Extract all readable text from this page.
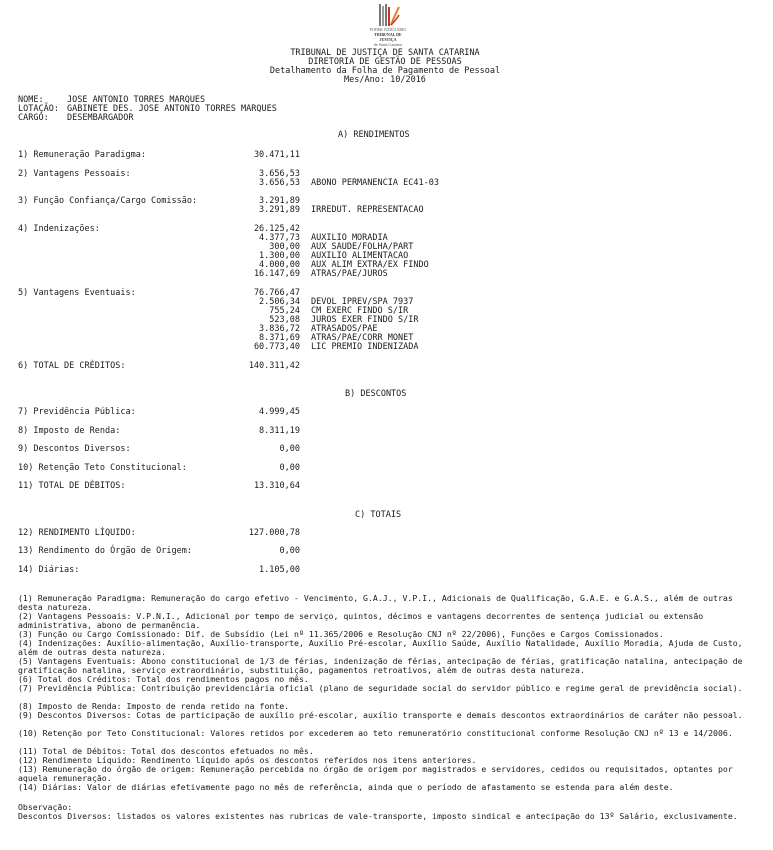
PODER JUDICIÁRIO
TRIBUNAL DE JUSTIÇA
de Santa Catarina
TRIBUNAL DE JUSTIÇA DE SANTA CATARINA
DIRETORIA DE GESTÃO DE PESSOAS
Detalhamento da Folha de Pagamento de Pessoal
Mes/Ano: 10/2016
NOME:	JOSE ANTONIO TORRES MARQUES
LOTAÇÃO: GABINETE DES. JOSE ANTONIO TORRES MARQUES
CARGO: DESEMBARGADOR
A) RENDIMENTOS
1) Remuneração Paradigma:	30.471,11
2) Vantagens Pessoais:	3.656,53
3.656,53 ABONO PERMANENCIA EC41-03
3) Função Confiança/Cargo Comissão:	3.291,89
3.291,89 IRREDUT. REPRESENTACAO
4) Indenizações:	26.125,42
4.377,73 AUXILIO MORADIA
300,00 AUX SAUDE/FOLHA/PART
1.300,00 AUXILIO ALIMENTACAO
4.000,00 AUX ALIM EXTRA/EX FINDO
16.147,69 ATRAS/PAE/JUROS
5) Vantagens Eventuais:	76.766,47
2.506,34 DEVOL IPREV/SPA 7937
755,24 CM EXERC FINDO S/IR
523,08 JUROS EXER FINDO S/IR
3.836,72 ATRASADOS/PAE
8.371,69 ATRAS/PAE/CORR MONET
60.773,40 LIC PREMIO INDENIZADA
6) TOTAL DE CRÉDITOS:	140.311,42
B) DESCONTOS
7) Previdência Pública:	4.999,45
8) Imposto de Renda:	8.311,19
9) Descontos Diversos:	0,00
10) Retenção Teto Constitucional:	0,00
11) TOTAL DE DÉBITOS:	13.310,64
C) TOTAIS
12) RENDIMENTO LÍQUIDO:	127.000,78
13) Rendimento do Órgão de Origem:	0,00
14) Diárias:	1.105,00
(1) Remuneração Paradigma: Remuneração do cargo efetivo - Vencimento, G.A.J., V.P.I., Adicionais de Qualificação, G.A.E. e G.A.S., além de outras desta natureza.
(2) Vantagens Pessoais: V.P.N.I., Adicional por tempo de serviço, quintos, décimos e vantagens decorrentes de sentença judicial ou extensão administrativa, abono de permanência.
(3) Função ou Cargo Comissionado: Dif. de Subsídio (Lei nº 11.365/2006 e Resolução CNJ nº 22/2006), Funções e Cargos Comissionados.
(4) Indenizações: Auxílio-alimentação, Auxílio-transporte, Auxílio Pré-escolar, Auxílio Saúde, Auxílio Natalidade, Auxílio Moradia, Ajuda de Custo, além de outras desta natureza.
(5) Vantagens Eventuais: Abono constitucional de 1/3 de férias, indenização de férias, antecipação de férias, gratificação natalina, antecipação de gratificação natalina, serviço extraordinário, substituição, pagamentos retroativos, além de outras desta natureza.
(6) Total dos Créditos: Total dos rendimentos pagos no mês.
(7) Previdência Pública: Contribuição previdenciária oficial (plano de seguridade social do servidor público e regime geral de previdência social).
(8) Imposto de Renda: Imposto de renda retido na fonte.
(9) Descontos Diversos: Cotas de participação de auxílio pré-escolar, auxílio transporte e demais descontos extraordinários de caráter não pessoal.
(10) Retenção por Teto Constitucional: Valores retidos por excederem ao teto remuneratório constitucional conforme Resolução CNJ nº 13 e 14/2006.
(11) Total de Débitos: Total dos descontos efetuados no mês.
(12) Rendimento Líquido: Rendimento líquido após os descontos referidos nos itens anteriores.
(13) Remuneração do órgão de origem: Remuneração percebida no órgão de origem por magistrados e servidores, cedidos ou requisitados, optantes por aquela remuneração.
(14) Diárias: Valor de diárias efetivamente pago no mês de referência, ainda que o período de afastamento se estenda para além deste.
Observação:
Descontos Diversos: listados os valores existentes nas rubricas de vale-transporte, imposto sindical e antecipação do 13º Salário, exclusivamente.
